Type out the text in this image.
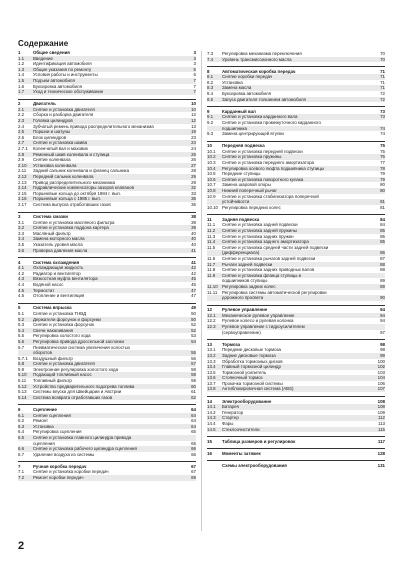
Содержание
1	Общие сведения	3
1.1	Введение	3
1.2	Идентификация автомобиля	3
1.3	Общие указания по ремонту	5
1.4	Условия работы и инструменты	5
1.5	Подъем автомобиля	7
1.6	Буксировка автомобиля	7
1.7	Уход и техническое обслуживание	7
2	Двигатель	10
2.1	Снятие и установка двигателя	10
2.2	Сборка и разборка двигателя	12
2.3	Головка цилиндров	12
2.4	Зубчатый ремень привода распределительного механизма	13
2.5	Поршни и шатуны	19
2.6	Блок цилиндров	23
2.7	Снятие и установка шкива	24
2.7.1	Коленчатый вал и маховик	24
2.8	Ременный шкив коленвала и ступица	25
2.9	Снятие коленвала	26
2.10	Установка коленвала	27
2.11	Задний сальник коленвала и фланец сальника	28
2.12	Передний сальник коленвала	29
2.13	Привод распределительного механизма	29
2.14	Гидравлические компенсаторы зазоров клапанов	32
2.15	Поршневые кольца до октября 1984 г. вып.	33
2.16	Поршневые кольца с 1985 г. вып.	36
2.17	Система выпуска отработавших газов	36
3	Система смазки	38
3.1	Снятие и установка масляного фильтра	39
3.2	Снятие и установка поддона картера	39
3.3	Масляный фильтр	40
3.4	Замена моторного масла	40
3.5	Указатель уровня масла	40
3.6	Проверка давления масла	41
4	Система охлаждения	41
4.1	Охлаждающая жидкость	42
4.2	Радиатор и вентилятор	42
4.3	Вязкостная муфта вентилятора	45
4.4	Водяной насос	45
4.5	Термостат	47
4.6	Отопление и вентиляция	47
5	Система впрыска	49
5.1	Снятие и установка ТНВД	50
5.2	Держатели форсунок и форсунки	50
5.3	Снятие и установка форсунок	52
5.4	Свечи накаливания	52
5.5	Регулировка холостого хода	53
5.6	Регулировка привода дроссельной заслонки	54
5.7	Пневматическая система увеличения холостых
оборотов	55
5.7.1	Воздушный фильтр	56
5.8	Снятие и установка двигателя	57
5.9	Электронная регулировка холостого хода	58
5.10	Подающий топливный насос	59
5.11	Топливный фильтр	59
5.12	Устройство предварительного подогрева топлива	60
5.13	Системы впуска для Швейцарии и Австрии	61
5.14	Система возврата отработавших газов	62
6	Сцепление	64
6.1	Снятие сцепления	64
6.2	Ремонт	64
6.3	Установка	64
6.4	Регулировка сцепления	65
6.5	Снятие и установка главного цилиндра привода
сцепления	65
6.6	Снятие и установка рабочего цилиндра сцепления	66
6.7	Удаление воздуха из системы	66
7	Ручная коробка передач	67
7.1	Снятие и установка коробки передач	67
7.2	Ремонт коробки передач	69
7.3	Регулировка механизма переключения	70
7.4	Уровень трансмиссионного масла	70
8	Автоматическая коробка передач	71
8.1	Снятие коробки передач	71
8.2	Установка	71
8.3	Замена масла	71
8.4	Буксировка автомобиля	72
8.5	Запуск двигателя толканием автомобиля	72
9	Карданный вал	73
9.1	Снятие и установка карданного вала	73
9.2	Снятие и установка промежуточного карданного
подшипника	74
9.3	Замена центрирующей втулки	74
10	Передняя подвеска	75
10.1	Снятие и установка передней подвески	75
10.2	Снятие и установка пружины	76
10.3	Снятие и установка переднего амортизатора	77
10.4	Регулировка осевого люфта подшипника ступицы	78
10.5	Передние ступицы	79
10.6	Снятие и установка поворотного кулака	79
10.7	Замена шаровой опоры	80
10.8	Нижний поперечный рычаг	80
10.9	Снятие и установка стабилизатора поперечной
устойчивости	81
10.10 Регулировка передних колес	81
11	Задняя подвеска	84
11.1	Снятие и установка задней подвески	84
11.2	Снятие и установка задней пружины	85
11.3	Снятие и установка задних пружин	85
11.4	Снятие и установка заднего амортизатора	85
11.5	Снятие и установка средней части задней подвески
(дифференциала)	86
11.6	Снятие и установка рычагов задней подвески	87
11.7	Рычаги задней подвески	88
11.8	Снятие и установка задних приводных валов	88
11.9	Снятие и установка фланца ступицы и
подшипников ступицы	89
11.10 Регулировка задних колес	89
11.11	Регулировка системы автоматической регулировки
дорожного просвета	90
12	Рулевое управление	94
12.1	Механическое рулевое управление	94
12.2	Рулевое колесо и рулевая колонка	94
12.3	Рулевое управление с гидроусилителем
(сервоуправление)	97
13	Тормоза	98
13.1	Передние дисковые тормоза	98
13.2	Задние дисковые тормоза	99
13.3	Обработка тормозных дисков	100
13.4	Главный тормозной цилиндр	102
13.5	Тормозной усилитель	103
13.6	Стояночный тормоз	104
13.7	Прокачка тормозной системы	106
13.8	Антиблокировочная система (ABS)	107
14	Электрооборудование	108
14.1	Батарея	108
14.2	Генератор	109
14.3	Стартер	112
14.4	Фары	113
14.5	Стеклоочистители	115
15	Таблица размеров и регулировок	117
16	Моменты затяжек	128
Схемы электрооборудования	131
2
